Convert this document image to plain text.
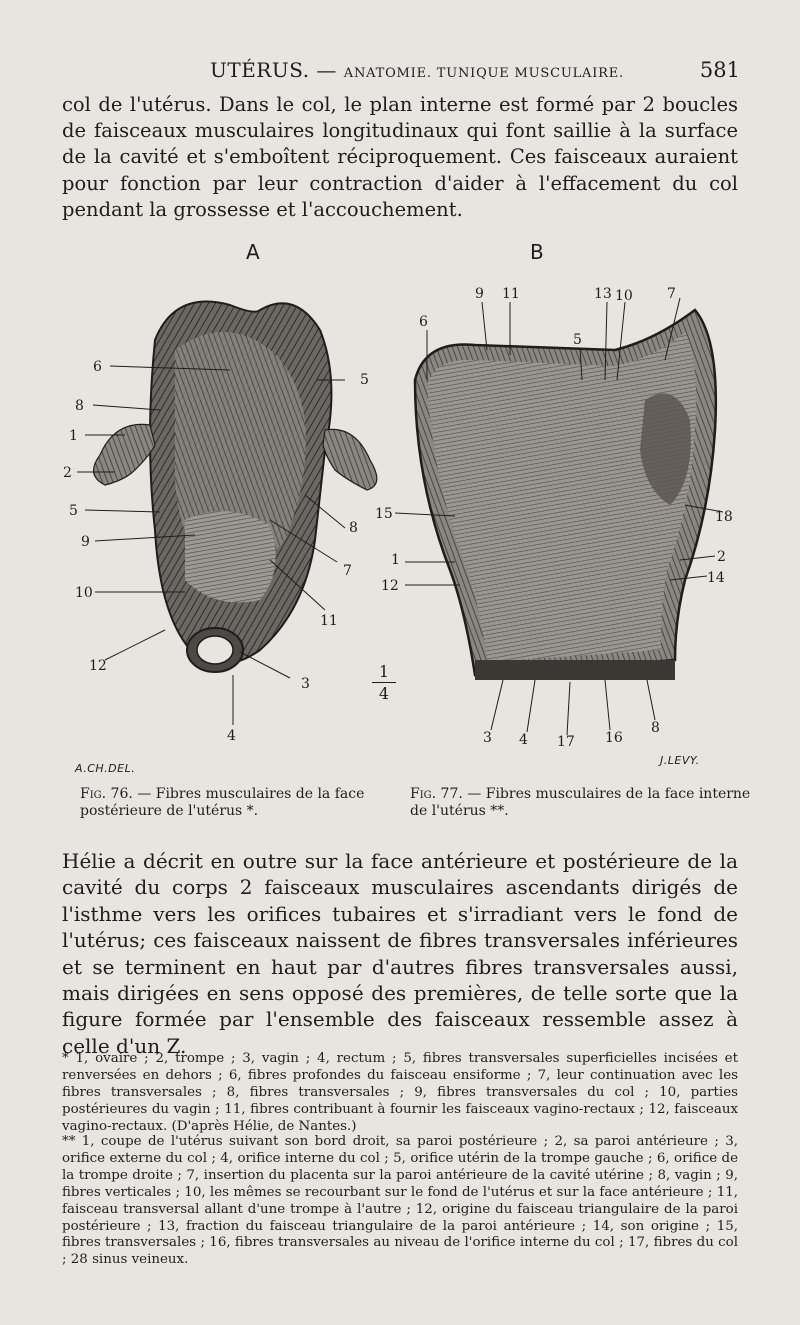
UTÉRUS. — ANATOMIE. TUNIQUE MUSCULAIRE.	581
col de l'utérus. Dans le col, le plan interne est formé par 2 boucles de faisceaux musculaires longitudinaux qui font saillie à la surface de la cavité et s'emboîtent réciproquement. Ces faisceaux auraient pour fonction par leur contraction d'aider à l'effacement du col pendant la grossesse et l'accouchement.
A	B
6
8
1
2
5
9
10
12
5
8
7
11
3
4
9 11
6
5
13 10 7
15
1
12
18
2
14
3 4 17 16
8
1
4
A.CH.DEL.
J.LEVY.
Fig. 76. — Fibres musculaires de la face postérieure de l'utérus *.
Fig. 77. — Fibres musculaires de la face interne de l'utérus **.
Hélie a décrit en outre sur la face antérieure et postérieure de la cavité du corps 2 faisceaux musculaires ascendants dirigés de l'isthme vers les orifices tubaires et s'irradiant vers le fond de l'utérus; ces faisceaux naissent de fibres transversales inférieures et se terminent en haut par d'autres fibres transversales aussi, mais dirigées en sens opposé des premières, de telle sorte que la figure formée par l'ensemble des faisceaux ressemble assez à celle d'un Z.
* 1, ovaire ; 2, trompe ; 3, vagin ; 4, rectum ; 5, fibres transversales superficielles incisées et renversées en dehors ; 6, fibres profondes du faisceau ensiforme ; 7, leur continuation avec les fibres transversales ; 8, fibres transversales ; 9, fibres transversales du col ; 10, parties postérieures du vagin ; 11, fibres contribuant à fournir les faisceaux vagino-rectaux ; 12, faisceaux vagino-rectaux. (D'après Hélie, de Nantes.)
** 1, coupe de l'utérus suivant son bord droit, sa paroi postérieure ; 2, sa paroi antérieure ; 3, orifice externe du col ; 4, orifice interne du col ; 5, orifice utérin de la trompe gauche ; 6, orifice de la trompe droite ; 7, insertion du placenta sur la paroi antérieure de la cavité utérine ; 8, vagin ; 9, fibres verticales ; 10, les mêmes se recourbant sur le fond de l'utérus et sur la face antérieure ; 11, faisceau transversal allant d'une trompe à l'autre ; 12, origine du faisceau triangulaire de la paroi postérieure ; 13, fraction du faisceau triangulaire de la paroi antérieure ; 14, son origine ; 15, fibres transversales ; 16, fibres transversales au niveau de l'orifice interne du col ; 17, fibres du col ; 28 sinus veineux.
